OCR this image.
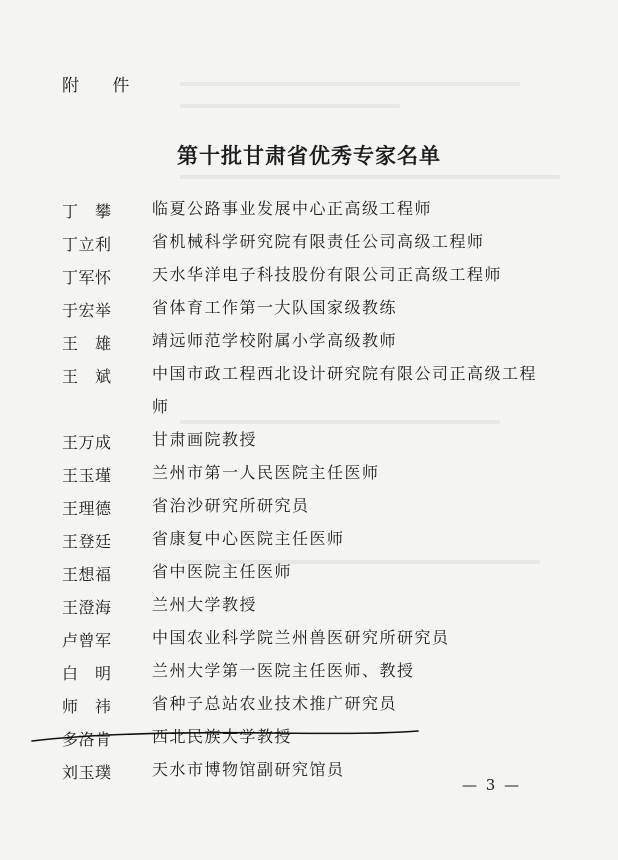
附 件
第十批甘肃省优秀专家名单
丁　攀	临夏公路事业发展中心正高级工程师
丁立利	省机械科学研究院有限责任公司高级工程师
丁军怀	天水华洋电子科技股份有限公司正高级工程师
于宏举	省体育工作第一大队国家级教练
王　雄	靖远师范学校附属小学高级教师
王　斌	中国市政工程西北设计研究院有限公司正高级工程师
王万成	甘肃画院教授
王玉瑾	兰州市第一人民医院主任医师
王理德	省治沙研究所研究员
王登廷	省康复中心医院主任医师
王想福	省中医院主任医师
王澄海	兰州大学教授
卢曾军	中国农业科学院兰州兽医研究所研究员
白　明	兰州大学第一医院主任医师、教授
师　祎	省种子总站农业技术推广研究员
多洛肯	西北民族大学教授
刘玉璞	天水市博物馆副研究馆员
— 3 —
